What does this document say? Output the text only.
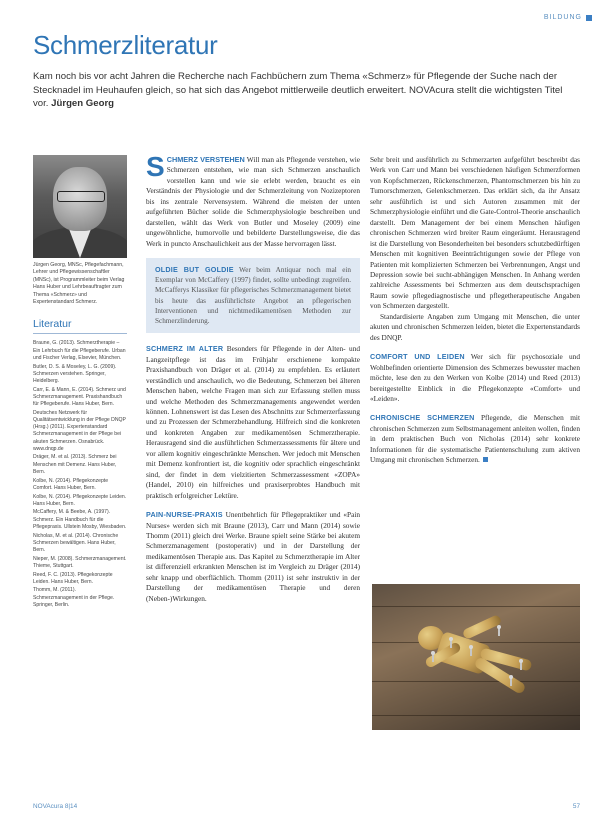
BILDUNG
Schmerzliteratur

Kam noch bis vor acht Jahren die Recherche nach Fachbüchern zum Thema «Schmerz» für Pflegende der Suche nach der Stecknadel im Heuhaufen gleich, so hat sich das Angebot mittlerweile deutlich erweitert. NOVAcura stellt die wichtigsten Titel vor. Jürgen Georg

Jürgen Georg, MNSc, Pflegefachmann, Lehrer und Pflegewissenschaftler (MNSc), ist Programmleiter beim Verlag Hans Huber und Lehrbeauftragter zum Thema «Schmerz» und Expertenstandard Schmerz.
Literatur

Braune, G. (2013). Schmerztherapie – Ein Lehrbuch für die Pflegeberufe. Urban und Fischer Verlag, Elsevier, München.

Butler, D. S. & Moseley, L. G. (2009). Schmerzen verstehen. Springer, Heidelberg.

Carr, E. & Mann, E. (2014). Schmerz und Schmerzmanagement. Praxishandbuch für Pflegeberufe. Hans Huber, Bern.

Deutsches Netzwerk für Qualitätsentwicklung in der Pflege DNQP (Hrsg.) (2011). Expertenstandard Schmerzmanagement in der Pflege bei akuten Schmerzen. Osnabrück. www.dnqp.de

Dräger, M. et al. (2013). Schmerz bei Menschen mit Demenz. Hans Huber, Bern.

Kolbe, N. (2014). Pflegekonzepte Comfort. Hans Huber, Bern.

Kolbe, N. (2014). Pflegekonzepte Leiden. Hans Huber, Bern.

McCaffery, M. & Beebe, A. (1997). Schmerz. Ein Handbuch für die Pflegepraxis. Ullstein Mosby, Wiesbaden.

Nicholas, M. et al. (2014). Chronische Schmerzen bewältigen. Hans Huber, Bern.

Nieper, M. (2008). Schmerzmanagement. Thieme, Stuttgart.

Reed, F. C. (2013). Pflegekonzepte Leiden. Hans Huber, Bern.

Thomm, M. (2011). Schmerzmanagement in der Pflege. Springer, Berlin.

SCHMERZ VERSTEHEN Will man als Pflegende verstehen, wie Schmerzen entstehen, wie man sich Schmerzen anschaulich vorstellen kann und wie sie erlebt werden, braucht es ein Verständnis der Physiologie und der Schmerzleitung von Nozizeptoren bis ins zentrale Nervensystem. Während die meisten der unten aufgeführten Bücher solide die Schmerzphysiologie beschreiben und darstellen, wählt das Werk von Butler und Moseley (2009) eine ungewöhnliche, humorvolle und bebilderte Darstellungsweise, die das Werk in puncto Anschaulichkeit aus der Masse hervorragen lässt.

OLDIE BUT GOLDIE Wer beim Antiquar noch mal ein Exemplar von McCaffery (1997) findet, sollte unbedingt zugreifen. McCafferys Klassiker für pflegerisches Schmerzmanagement bietet bis heute das ausführlichste Angebot an pflegerischen Interventionen und nichtmedikamentösen Methoden zur Schmerzlinderung.

SCHMERZ IM ALTER Besonders für Pflegende in der Alten- und Langzeitpflege ist das im Frühjahr erschienene kompakte Praxishandbuch von Dräger et al. (2014) zu empfehlen. Es erläutert verständlich und anschaulich, wo die Bedeutung, Schmerzen bei älteren Menschen haben, welche Fragen man sich zur Erfassung stellen muss und welche Methoden des Schmerzmanagements angewendet werden können. Lohnenswert ist das Lesen des Abschnitts zur Schmerzerfassung und zu Prozessen der Schmerzbehandlung. Hilfreich sind die konkreten und konkreten Angaben zur medikamentösen Schmerztherapie. Herausragend sind die ausführlichen Schmerzassessments für ältere und vor allem kognitiv eingeschränkte Menschen. Wer jedoch mit Menschen mit Demenz konfrontiert ist, die kognitiv oder sprachlich eingeschränkt sind, der findet in dem vielzitierten Schmerzassessment «ZOPA» (Handel, 2010) ein hilfreiches und praxiserprobtes Handbuch mit praktisch erfolgreicher Lektüre.

PAIN-NURSE-PRAXIS Unentbehrlich für Pflegepraktiker und «Pain Nurses» werden sich mit Braune (2013), Carr und Mann (2014) sowie Thomm (2011) gleich drei Werke. Braune spielt seine Stärke bei akutem Schmerzmanagement (postoperativ) und in der Darstellung der medikamentösen Therapie aus. Das Kapitel zu Schmerztherapie im Alter ist differenziell erkrankten Menschen ist im Vergleich zu Dräger (2014) sehr knapp und oberflächlich. Thomm (2011) ist sehr instruktiv in der Darstellung der medikamentösen Therapie und deren (Neben-)Wirkungen.

Sehr breit und ausführlich zu Schmerzarten aufgeführt beschreibt das Werk von Carr und Mann bei verschiedenen häufigen Schmerzformen von Kopfschmerzen, Rückenschmerzen, Phantomschmerzen bis hin zu Tumorschmerzen, Gelenkschmerzen. Das erklärt sich, da ihr Ansatz sehr ausführlich ist und sich Autoren zusammen mit der Schmerzphysiologie einführt und die Gate-Control-Theorie anschaulich darstellt. Dem Management der bei einem Menschen häufigen chronischen Schmerzen wird breiter Raum eingeräumt. Herausragend ist die Darstellung von Besonderheiten bei besonders schutzbedürftigen Menschen mit kognitiven Beeinträchtigungen sowie der Pflege von Patienten mit komplizierten Schmerzen bei Verbrennungen, Angst und Depression sowie bei sucht-abhängigen Menschen. In Anhang werden zahlreiche Assessments bei Schmerzen aus dem deutschsprachigen Raum sowie pflegediagnostische und pflegetherapeutische Angaben von Schmerzen dargestellt.

Standardisierte Angaben zum Umgang mit Menschen, die unter akuten und chronischen Schmerzen leiden, bietet die Expertenstandards des DNQP.

COMFORT UND LEIDEN Wer sich für psychosoziale und Wohlbefinden orientierte Dimension des Schmerzes bewusster machen möchte, lese den zu den Werken von Kolbe (2014) und Reed (2013) bereitgestellte Einblick in die Pflegekonzepte «Comfort» und «Leiden».

CHRONISCHE SCHMERZEN Pflegende, die Menschen mit chronischen Schmerzen zum Selbstmanagement anleiten wollen, finden in dem praktischen Buch von Nicholas (2014) sehr konkrete Informationen für die systematische Patientenschulung zum aktiven Umgang mit chronischen Schmerzen.

NOVAcura 8|14	57
